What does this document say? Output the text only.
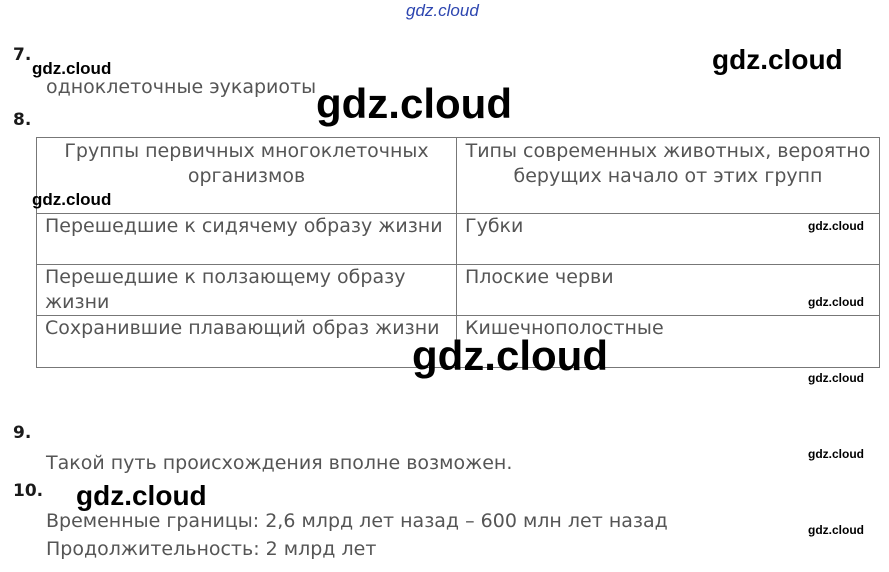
gdz.cloud
7.
одноклеточные эукариоты
8.
Группы первичных многоклеточных организмов	Типы современных животных, вероятно берущих начало от этих групп
Перешедшие к сидячему образу жизни	Губки
Перешедшие к ползающему образу жизни	Плоские черви
Сохранившие плавающий образ жизни	Кишечнополостные
9.
Такой путь происхождения вполне возможен.
10.
Временные границы: 2,6 млрд лет назад – 600 млн лет назад
Продолжительность: 2 млрд лет
gdz.cloud	gdz.cloud
gdz.cloud
gdz.cloud
gdz.cloud
gdz.cloud
gdz.cloud	gdz.cloud
gdz.cloud
gdz.cloud
gdz.cloud
